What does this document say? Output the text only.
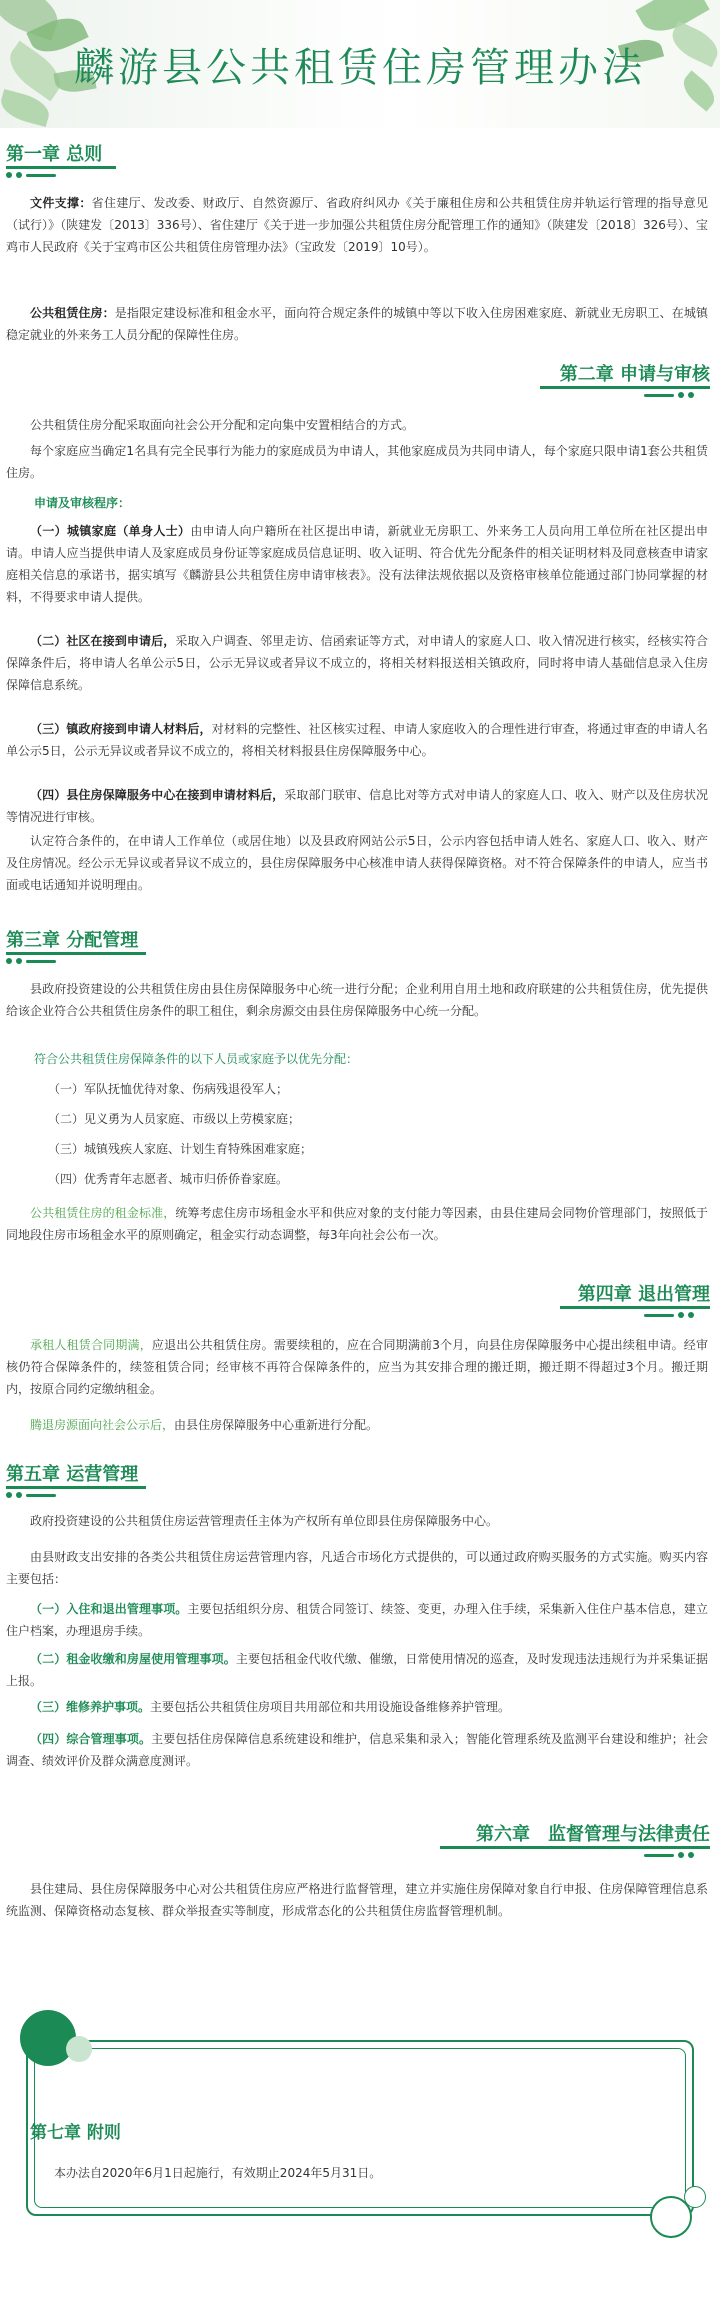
麟游县公共租赁住房管理办法
第一章 总则
文件支撑：省住建厅、发改委、财政厅、自然资源厅、省政府纠风办《关于廉租住房和公共租赁住房并轨运行管理的指导意见（试行）》（陕建发〔2013〕336号）、省住建厅《关于进一步加强公共租赁住房分配管理工作的通知》（陕建发〔2018〕326号）、宝鸡市人民政府《关于宝鸡市区公共租赁住房管理办法》（宝政发〔2019〕10号）。
公共租赁住房：是指限定建设标准和租金水平，面向符合规定条件的城镇中等以下收入住房困难家庭、新就业无房职工、在城镇稳定就业的外来务工人员分配的保障性住房。
第二章 申请与审核
公共租赁住房分配采取面向社会公开分配和定向集中安置相结合的方式。
每个家庭应当确定1名具有完全民事行为能力的家庭成员为申请人，其他家庭成员为共同申请人，每个家庭只限申请1套公共租赁住房。
申请及审核程序：
（一）城镇家庭（单身人士）由申请人向户籍所在社区提出申请，新就业无房职工、外来务工人员向用工单位所在社区提出申请。申请人应当提供申请人及家庭成员身份证等家庭成员信息证明、收入证明、符合优先分配条件的相关证明材料及同意核查申请家庭相关信息的承诺书，据实填写《麟游县公共租赁住房申请审核表》。没有法律法规依据以及资格审核单位能通过部门协同掌握的材料，不得要求申请人提供。
（二）社区在接到申请后，采取入户调查、邻里走访、信函索证等方式，对申请人的家庭人口、收入情况进行核实，经核实符合保障条件后，将申请人名单公示5日，公示无异议或者异议不成立的，将相关材料报送相关镇政府，同时将申请人基础信息录入住房保障信息系统。
（三）镇政府接到申请人材料后，对材料的完整性、社区核实过程、申请人家庭收入的合理性进行审查，将通过审查的申请人名单公示5日，公示无异议或者异议不成立的，将相关材料报县住房保障服务中心。
（四）县住房保障服务中心在接到申请材料后，采取部门联审、信息比对等方式对申请人的家庭人口、收入、财产以及住房状况等情况进行审核。
认定符合条件的，在申请人工作单位（或居住地）以及县政府网站公示5日，公示内容包括申请人姓名、家庭人口、收入、财产及住房情况。经公示无异议或者异议不成立的，县住房保障服务中心核准申请人获得保障资格。对不符合保障条件的申请人，应当书面或电话通知并说明理由。
第三章 分配管理
县政府投资建设的公共租赁住房由县住房保障服务中心统一进行分配；企业利用自用土地和政府联建的公共租赁住房，优先提供给该企业符合公共租赁住房条件的职工租住，剩余房源交由县住房保障服务中心统一分配。
符合公共租赁住房保障条件的以下人员或家庭予以优先分配：
（一）军队抚恤优待对象、伤病残退役军人；
（二）见义勇为人员家庭、市级以上劳模家庭；
（三）城镇残疾人家庭、计划生育特殊困难家庭；
（四）优秀青年志愿者、城市归侨侨眷家庭。
公共租赁住房的租金标准，统筹考虑住房市场租金水平和供应对象的支付能力等因素，由县住建局会同物价管理部门，按照低于同地段住房市场租金水平的原则确定，租金实行动态调整，每3年向社会公布一次。
第四章 退出管理
承租人租赁合同期满，应退出公共租赁住房。需要续租的，应在合同期满前3个月，向县住房保障服务中心提出续租申请。经审核仍符合保障条件的，续签租赁合同；经审核不再符合保障条件的，应当为其安排合理的搬迁期，搬迁期不得超过3个月。搬迁期内，按原合同约定缴纳租金。
腾退房源面向社会公示后，由县住房保障服务中心重新进行分配。
第五章 运营管理
政府投资建设的公共租赁住房运营管理责任主体为产权所有单位即县住房保障服务中心。
由县财政支出安排的各类公共租赁住房运营管理内容，凡适合市场化方式提供的，可以通过政府购买服务的方式实施。购买内容主要包括：
（一）入住和退出管理事项。主要包括组织分房、租赁合同签订、续签、变更，办理入住手续，采集新入住住户基本信息，建立住户档案，办理退房手续。
（二）租金收缴和房屋使用管理事项。主要包括租金代收代缴、催缴，日常使用情况的巡查，及时发现违法违规行为并采集证据上报。
（三）维修养护事项。主要包括公共租赁住房项目共用部位和共用设施设备维修养护管理。
（四）综合管理事项。主要包括住房保障信息系统建设和维护，信息采集和录入；智能化管理系统及监测平台建设和维护；社会调查、绩效评价及群众满意度测评。
第六章　监督管理与法律责任
县住建局、县住房保障服务中心对公共租赁住房应严格进行监督管理，建立并实施住房保障对象自行申报、住房保障管理信息系统监测、保障资格动态复核、群众举报查实等制度，形成常态化的公共租赁住房监督管理机制。
第七章 附则
本办法自2020年6月1日起施行，有效期止2024年5月31日。
